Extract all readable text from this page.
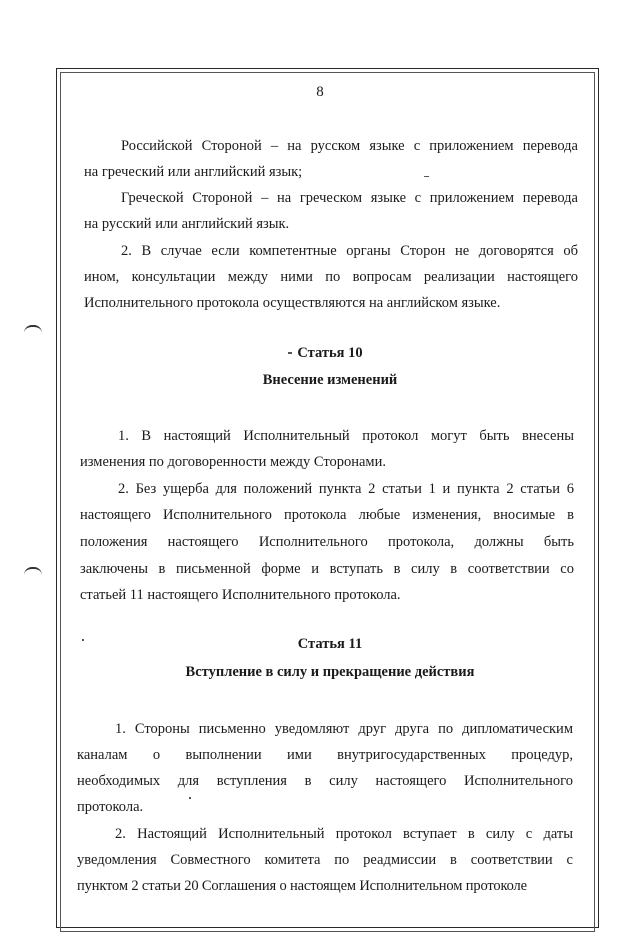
8
Российской Стороной – на русском языке с приложением перевода
на греческий или английский язык;
Греческой Стороной – на греческом языке с приложением перевода
на русский или английский язык.
2. В случае если компетентные органы Сторон не договорятся об
ином, консультации между ними по вопросам реализации настоящего
Исполнительного протокола осуществляются на английском языке.
Статья 10
Внесение изменений
1. В настоящий Исполнительный протокол могут быть внесены
изменения по договоренности между Сторонами.
2. Без ущерба для положений пункта 2 статьи 1 и пункта 2 статьи 6
настоящего Исполнительного протокола любые изменения, вносимые в
положения настоящего Исполнительного протокола, должны быть
заключены в письменной форме и вступать в силу в соответствии со
статьей 11 настоящего Исполнительного протокола.
Статья 11
Вступление в силу и прекращение действия
1. Стороны письменно уведомляют друг друга по дипломатическим
каналам о выполнении ими внутригосударственных процедур,
необходимых для вступления в силу настоящего Исполнительного
протокола.
2. Настоящий Исполнительный протокол вступает в силу с даты
уведомления Совместного комитета по реадмиссии в соответствии с
пунктом 2 статьи 20 Соглашения о настоящем Исполнительном протоколе
